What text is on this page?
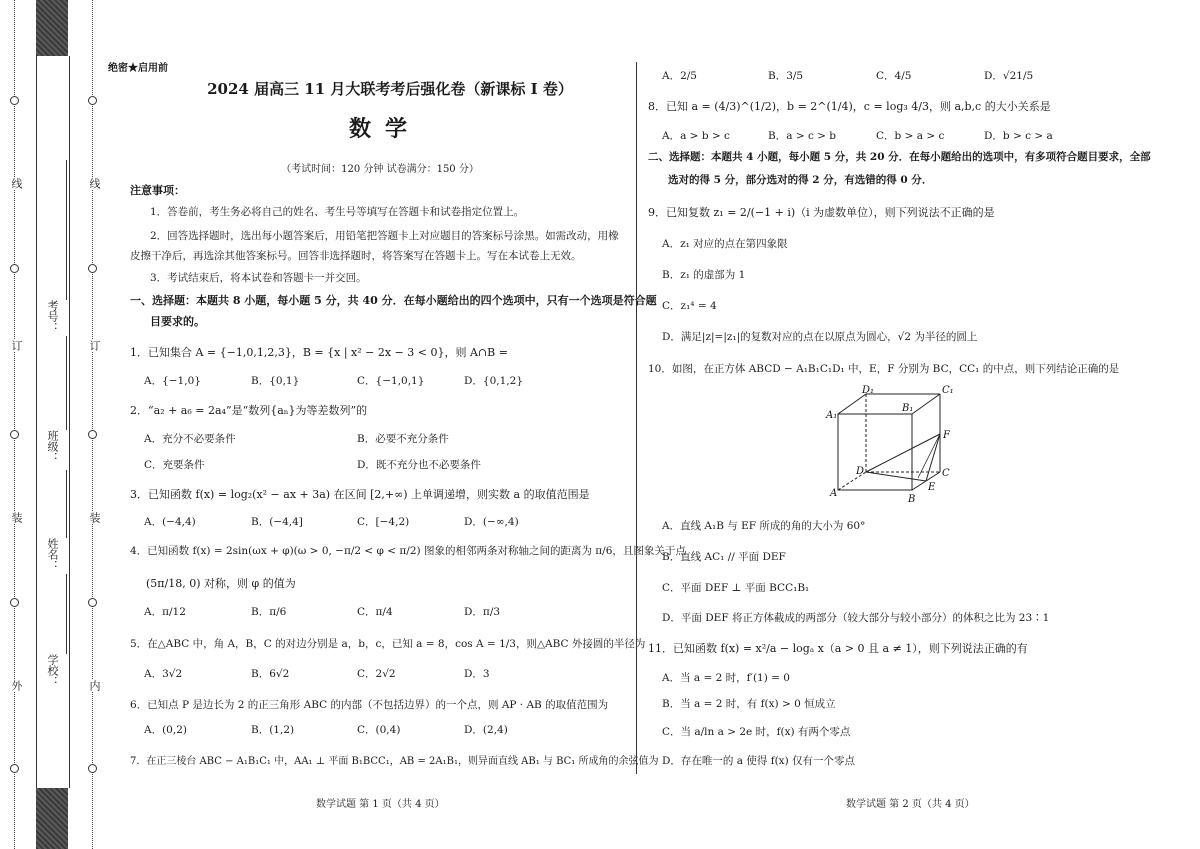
线
订
装
外
线
订
装
内
考号：
班级：
姓名：
学校：
绝密★启用前
2024 届高三 11 月大联考考后强化卷（新课标 I 卷）
数学
（考试时间：120 分钟 试卷满分：150 分）
注意事项：
1．答卷前，考生务必将自己的姓名、考生号等填写在答题卡和试卷指定位置上。
2．回答选择题时，选出每小题答案后，用铅笔把答题卡上对应题目的答案标号涂黑。如需改动，用橡
皮擦干净后，再选涂其他答案标号。回答非选择题时，将答案写在答题卡上。写在本试卷上无效。
3．考试结束后，将本试卷和答题卡一并交回。
一、选择题：本题共 8 小题，每小题 5 分，共 40 分．在每小题给出的四个选项中，只有一个选项是符合题
目要求的。
1．已知集合 A = {−1,0,1,2,3}，B = {x | x² − 2x − 3 < 0}，则 A∩B =
A．{−1,0}	B．{0,1}	C．{−1,0,1}	D．{0,1,2}
2．“a₂ + a₆ = 2a₄”是“数列{aₙ}为等差数列”的
A．充分不必要条件	B．必要不充分条件
C．充要条件	D．既不充分也不必要条件
3．已知函数 f(x) = log₂(x² − ax + 3a) 在区间 [2,+∞) 上单调递增，则实数 a 的取值范围是
A．(−4,4)	B．(−4,4]	C．[−4,2)	D．(−∞,4)
4．已知函数 f(x) = 2sin(ωx + φ)(ω > 0, −π/2 < φ < π/2) 图象的相邻两条对称轴之间的距离为 π/6，且图象关于点
(5π/18, 0) 对称，则 φ 的值为
A．π/12	B．π/6	C．π/4	D．π/3
5．在△ABC 中，角 A，B，C 的对边分别是 a，b，c，已知 a = 8，cos A = 1/3，则△ABC 外接圆的半径为
A．3√2	B．6√2	C．2√2	D．3
6．已知点 P 是边长为 2 的正三角形 ABC 的内部（不包括边界）的一个点，则 AP · AB 的取值范围为
A．(0,2)	B．(1,2)	C．(0,4)	D．(2,4)
7．在正三棱台 ABC − A₁B₁C₁ 中，AA₁ ⊥ 平面 B₁BCC₁，AB = 2A₁B₁，则异面直线 AB₁ 与 BC₁ 所成角的余弦值为
数学试题 第 1 页（共 4 页）
A．2/5	B．3/5	C．4/5	D．√21/5
8．已知 a = (4/3)^(1/2)，b = 2^(1/4)，c = log₃ 4/3，则 a,b,c 的大小关系是
A．a > b > c	B．a > c > b	C．b > a > c	D．b > c > a
二、选择题：本题共 4 小题，每小题 5 分，共 20 分．在每小题给出的选项中，有多项符合题目要求，全部
选对的得 5 分，部分选对的得 2 分，有选错的得 0 分．
9．已知复数 z₁ = 2/(−1 + i)（i 为虚数单位），则下列说法不正确的是
A．z₁ 对应的点在第四象限
B．z₁ 的虚部为 1
C．z₁⁴ = 4
D．满足|z|=|z₁|的复数对应的点在以原点为圆心，√2 为半径的圆上
10．如图，在正方体 ABCD − A₁B₁C₁D₁ 中，E，F 分别为 BC，CC₁ 的中点，则下列结论正确的是
D₁	C₁
A₁
B₁
F
D	C
A
E
B
A．直线 A₁B 与 EF 所成的角的大小为 60°
B．直线 AC₁ // 平面 DEF
C．平面 DEF ⊥ 平面 BCC₁B₁
D．平面 DEF 将正方体截成的两部分（较大部分与较小部分）的体积之比为 23∶1
11．已知函数 f(x) = x²/a − logₐ x（a > 0 且 a ≠ 1），则下列说法正确的有
A．当 a = 2 时，f′(1) = 0
B．当 a = 2 时，有 f(x) > 0 恒成立
C．当 a/ln a > 2e 时，f(x) 有两个零点
D．存在唯一的 a 使得 f(x) 仅有一个零点
数学试题 第 2 页（共 4 页）
